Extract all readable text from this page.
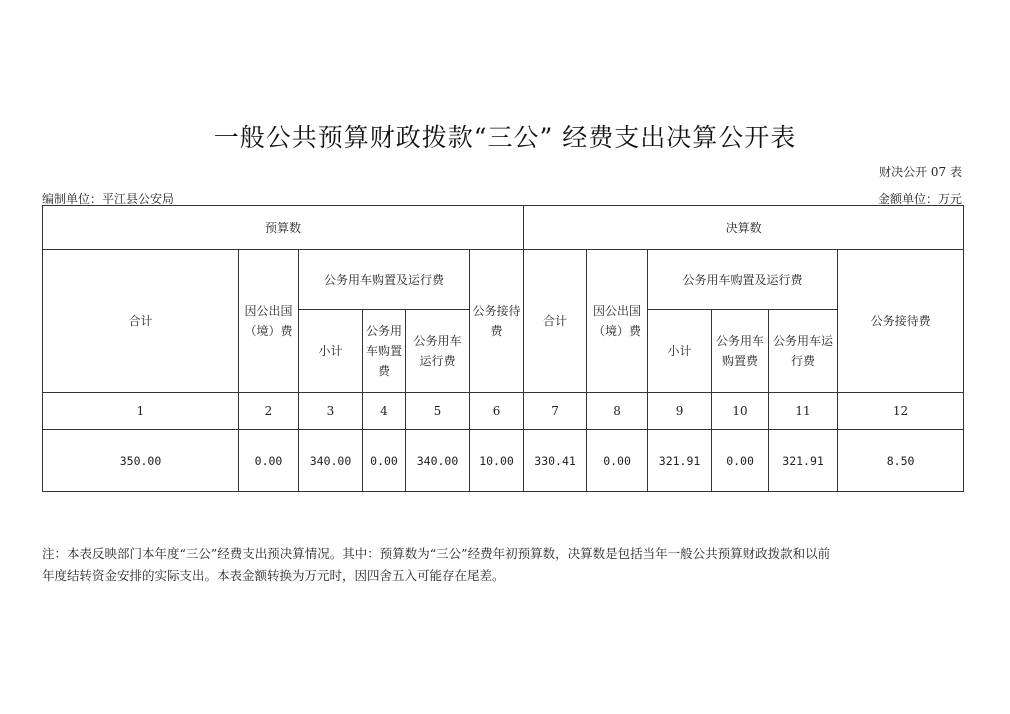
一般公共预算财政拨款“三公” 经费支出决算公开表
财决公开 07 表
编制单位：平江县公安局	金额单位：万元
预算数						决算数					
合计	因公出国（境）费	公务用车购置及运行费			公务接待费	合计	因公出国（境）费	公务用车购置及运行费			公务接待费
		小计	公务用车购置费	公务用车运行费				小计	公务用车购置费	公务用车运行费	
1	2	3	4	5	6	7	8	9	10	11	12
350.00	0.00	340.00	0.00	340.00	10.00	330.41	0.00	321.91	0.00	321.91	8.50
注：本表反映部门本年度“三公”经费支出预决算情况。其中：预算数为“三公”经费年初预算数，决算数是包括当年一般公共预算财政拨款和以前年度结转资金安排的实际支出。本表金额转换为万元时，因四舍五入可能存在尾差。
